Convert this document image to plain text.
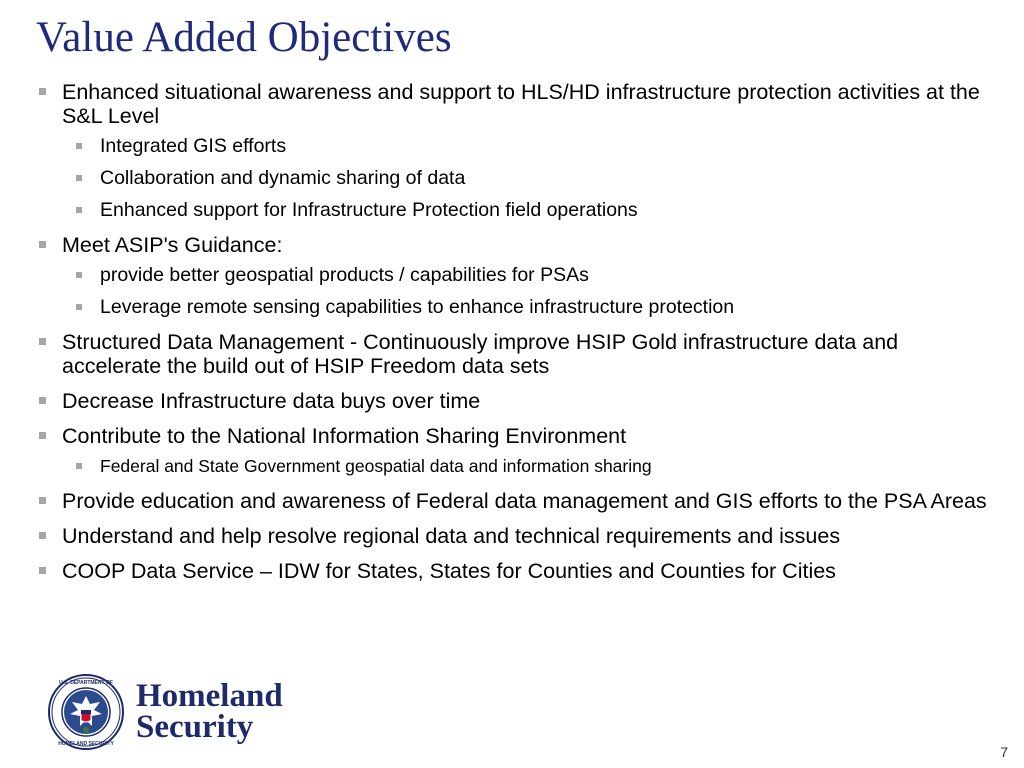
Value Added Objectives
Enhanced situational awareness and support to HLS/HD infrastructure protection activities at the S&L Level
Integrated GIS efforts
Collaboration and dynamic sharing of data
Enhanced support for Infrastructure Protection field operations
Meet ASIP's Guidance:
provide better geospatial products / capabilities for PSAs
Leverage remote sensing capabilities to enhance infrastructure protection
Structured Data Management - Continuously improve HSIP Gold infrastructure data and accelerate the build out of HSIP Freedom data sets
Decrease Infrastructure data buys over time
Contribute to the National Information Sharing Environment
Federal and State Government geospatial data and information sharing
Provide education and awareness of Federal data management and GIS efforts to the PSA Areas
Understand and help resolve regional data and technical requirements and issues
COOP Data Service – IDW for States, States for Counties and Counties for Cities
U.S. DEPARTMENT OF
HOMELAND SECURITY
Homeland
Security
7
